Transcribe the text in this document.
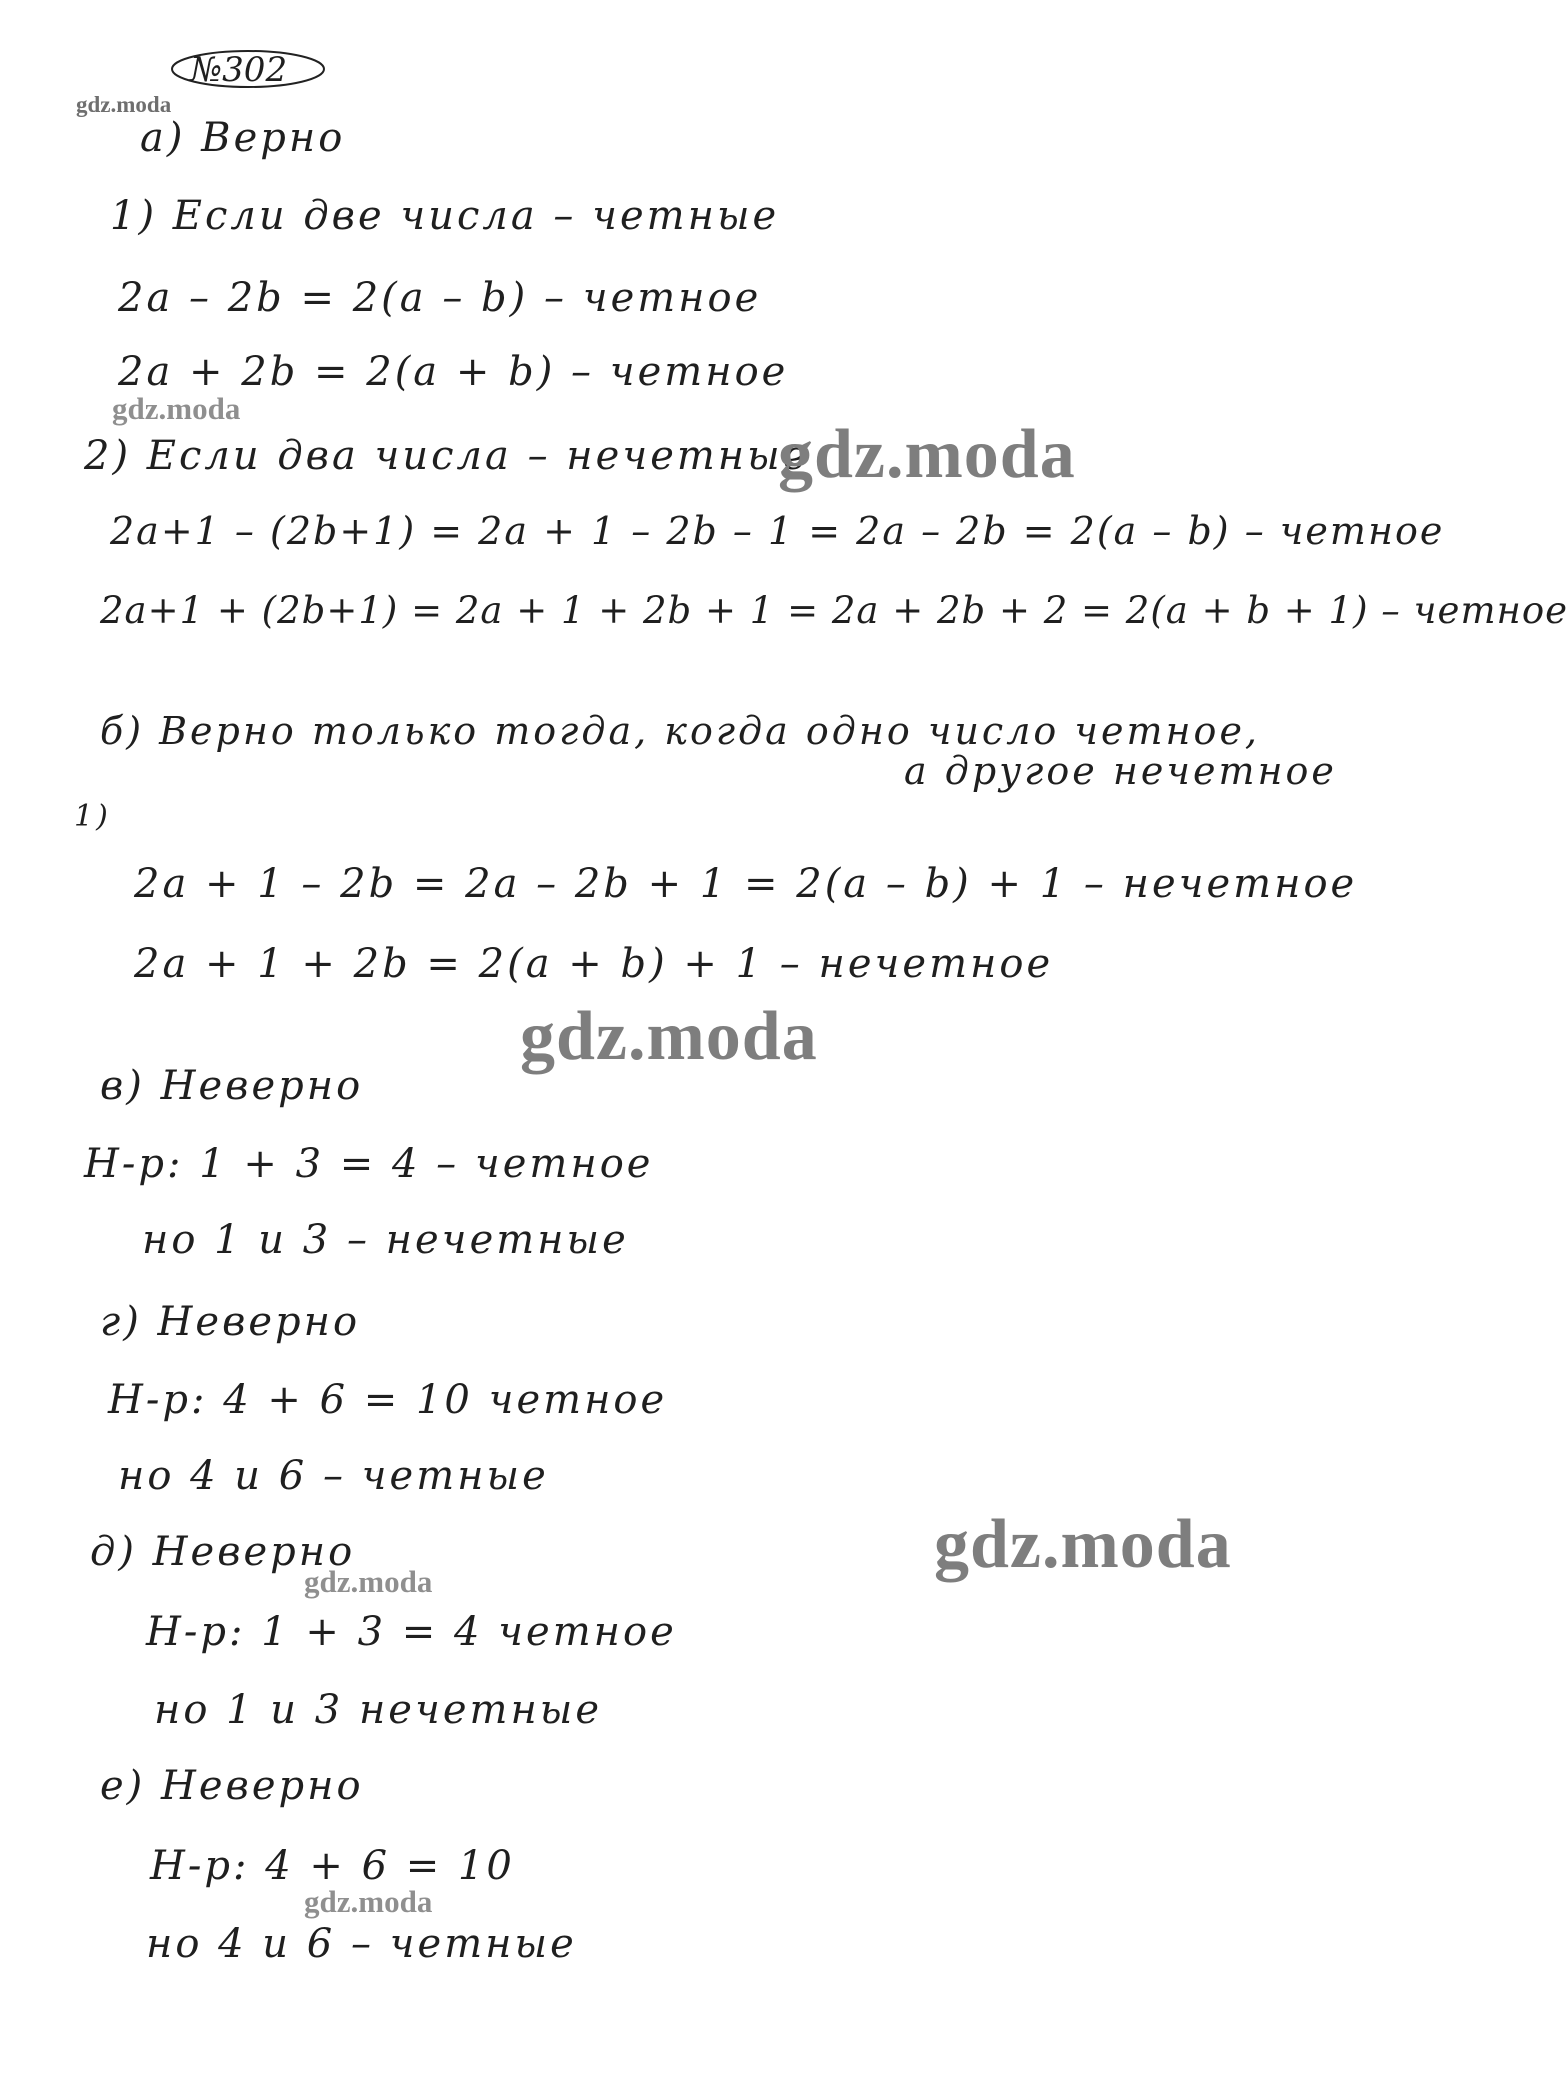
№302
gdz.moda
а) Верно
1) Если две числа – четные
2a – 2b = 2(a – b) – четное
2a + 2b = 2(a + b) – четное
gdz.moda
2) Если два числа – нечетные
gdz.moda
2a+1 – (2b+1) = 2a + 1 – 2b – 1 = 2a – 2b = 2(a – b) – четное
2a+1 + (2b+1) = 2a + 1 + 2b + 1 = 2a + 2b + 2 = 2(a + b + 1) – четное
б) Верно только тогда, когда одно число четное,
а другое нечетное
1)
2a + 1 – 2b = 2a – 2b + 1 = 2(a – b) + 1 – нечетное
2a + 1 + 2b = 2(a + b) + 1 – нечетное
gdz.moda
в) Неверно
Н-р: 1 + 3 = 4 – четное
но 1 и 3 – нечетные
г) Неверно
Н-р: 4 + 6 = 10 четное
но 4 и 6 – четные
gdz.moda
д) Неверно
gdz.moda
Н-р: 1 + 3 = 4 четное
но 1 и 3 нечетные
е) Неверно
Н-р: 4 + 6 = 10
gdz.moda
но 4 и 6 – четные
